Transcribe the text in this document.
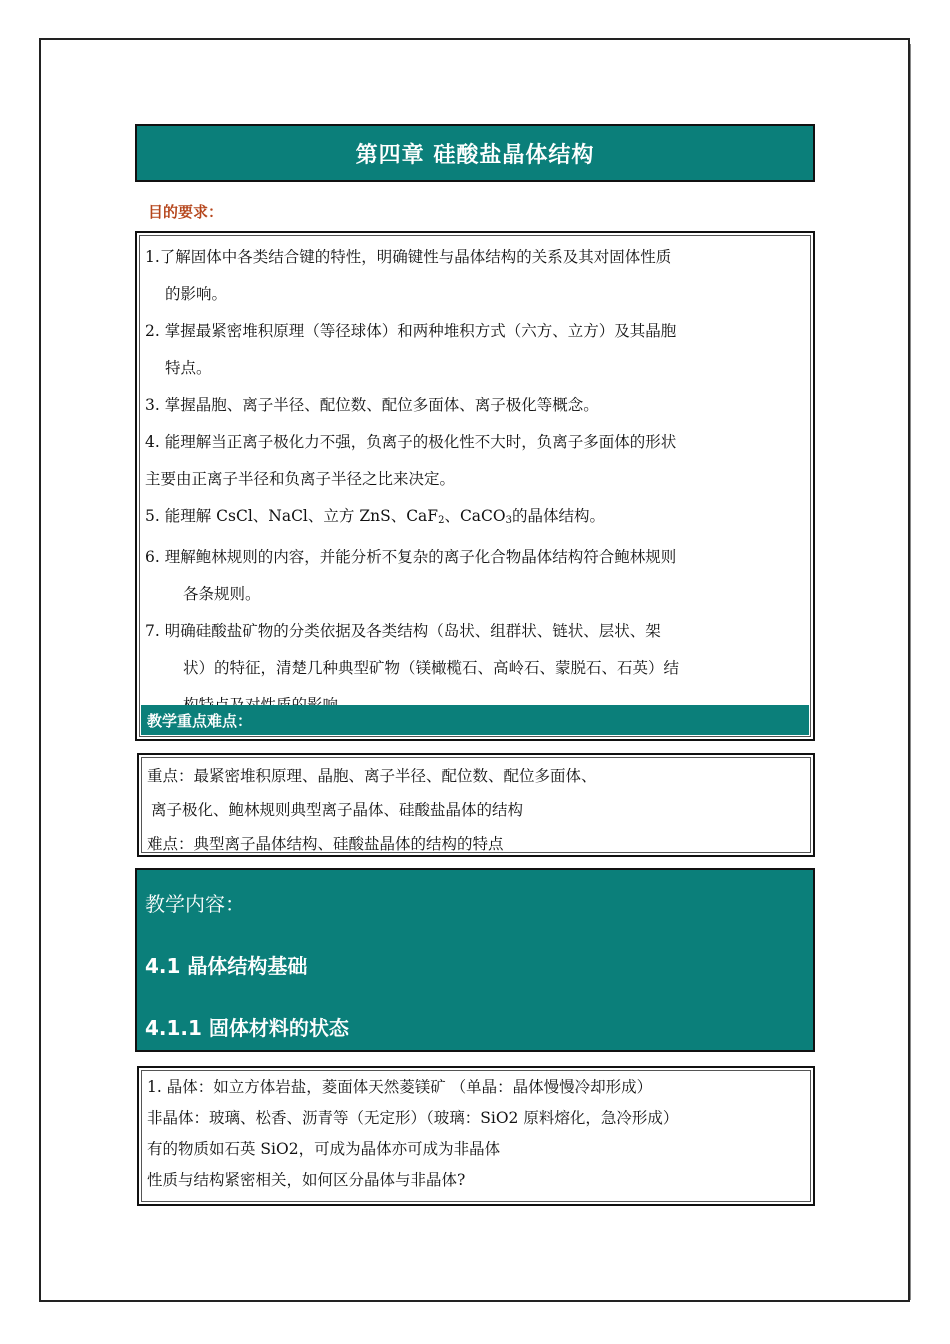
第四章 硅酸盐晶体结构
目的要求：
1.了解固体中各类结合键的特性，明确键性与晶体结构的关系及其对固体性质
的影响。
2. 掌握最紧密堆积原理（等径球体）和两种堆积方式（六方、立方）及其晶胞
特点。
3. 掌握晶胞、离子半径、配位数、配位多面体、离子极化等概念。
4. 能理解当正离子极化力不强，负离子的极化性不大时，负离子多面体的形状
主要由正离子半径和负离子半径之比来决定。
5. 能理解 CsCl、NaCl、立方 ZnS、CaF$_2$、CaCO$_3$的晶体结构。
6. 理解鲍林规则的内容，并能分析不复杂的离子化合物晶体结构符合鲍林规则
各条规则。
7. 明确硅酸盐矿物的分类依据及各类结构（岛状、组群状、链状、层状、架
状）的特征，清楚几种典型矿物（镁橄榄石、高岭石、蒙脱石、石英）结
教学重点难点：
重点：最紧密堆积原理、晶胞、离子半径、配位数、配位多面体、
离子极化、鲍林规则典型离子晶体、硅酸盐晶体的结构
难点：典型离子晶体结构、硅酸盐晶体的结构的特点
教学内容：
4.1 晶体结构基础
4.1.1 固体材料的状态
1. 晶体：如立方体岩盐，菱面体天然菱镁矿 （单晶：晶体慢慢冷却形成）
非晶体：玻璃、松香、沥青等（无定形）（玻璃：SiO2 原料熔化，急冷形成）
有的物质如石英 SiO2，可成为晶体亦可成为非晶体
性质与结构紧密相关，如何区分晶体与非晶体?
